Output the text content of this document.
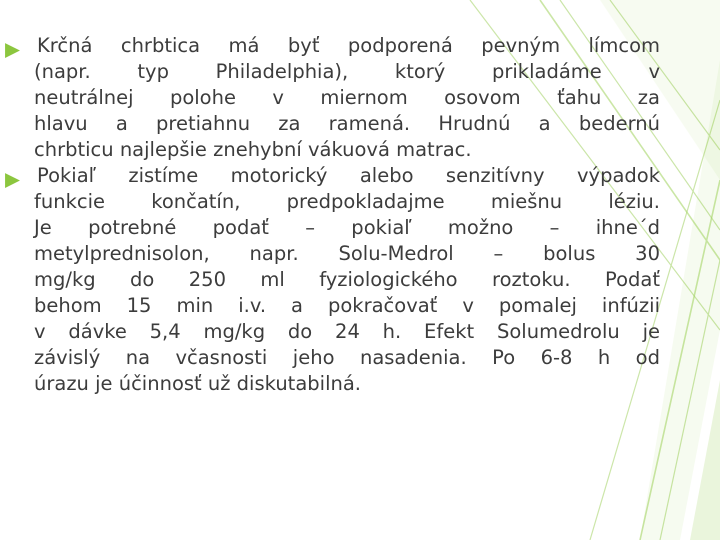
Krčná chrbtica má byť podporená pevným límcom
(napr. typ Philadelphia), ktorý prikladáme v
neutrálnej polohe v miernom osovom ťahu za
hlavu a pretiahnu za ramená. Hrudnú a bedernú
chrbticu najlepšie znehybní vákuová matrac.
Pokiaľ zistíme motorický alebo senzitívny výpadok
funkcie končatín, predpokladajme miešnu léziu.
Je potrebné podať – pokiaľ možno – ihne´d
metylprednisolon, napr. Solu-Medrol – bolus 30
mg/kg do 250 ml fyziologického roztoku. Podať
behom 15 min i.v. a pokračovať v pomalej infúzii
v dávke 5,4 mg/kg do 24 h. Efekt Solumedrolu je
závislý na včasnosti jeho nasadenia. Po 6-8 h od
úrazu je účinnosť už diskutabilná.
